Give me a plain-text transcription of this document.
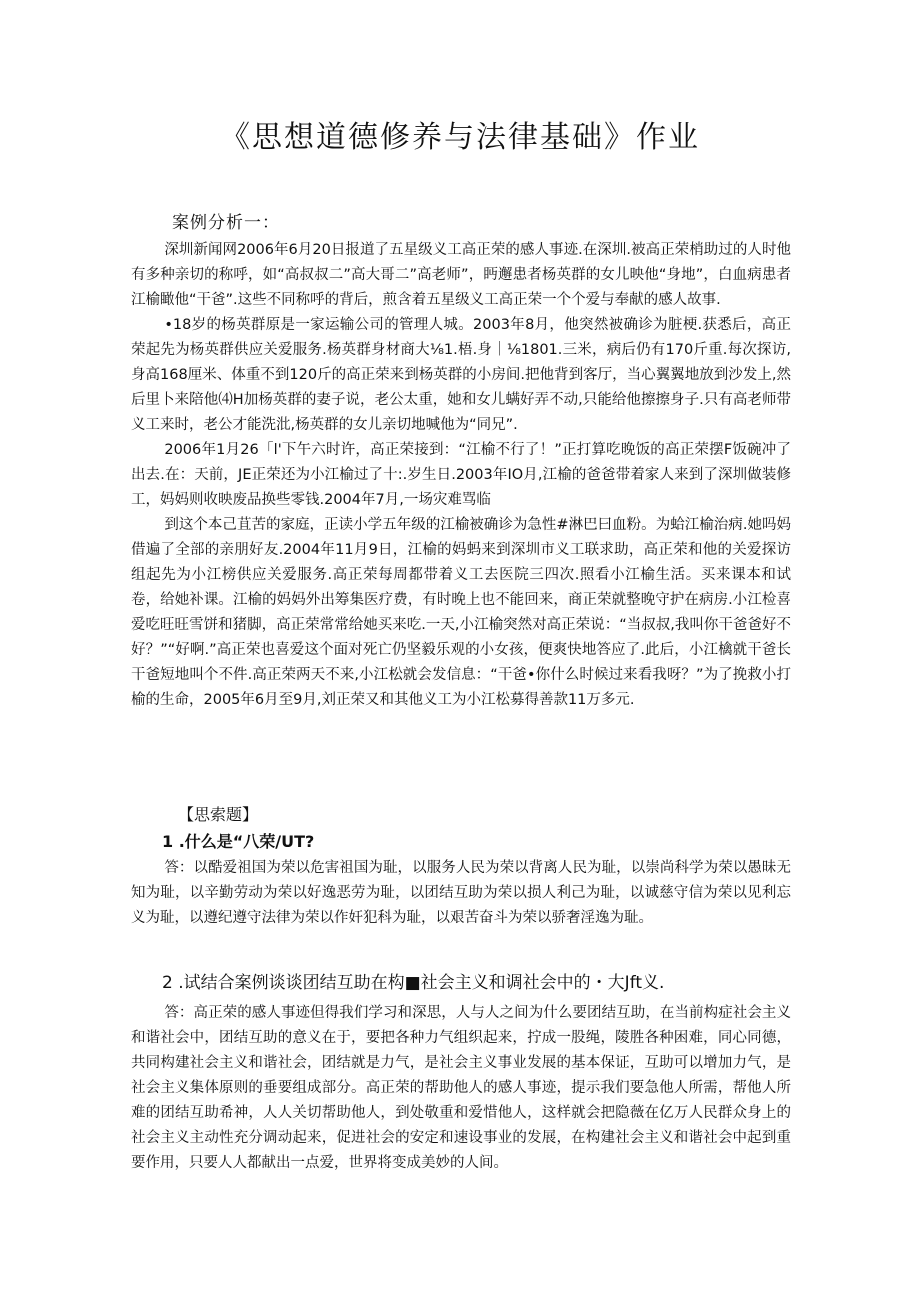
《思想道德修养与法律基础》作业
案例分析一：

深圳新闻网2006年6月20日报道了五星级义工高正荣的感人事迹.在深圳.被高正荣梢助过的人时他有多种亲切的称呼，如“高叔叔二”高大哥二”高老师”，眄邂患者杨英群的女儿映他“身地”，白血病患者江榆瞰他“干爸”.这些不同称呼的背后，煎含着五星级义工高正荣一个个爱与奉献的感人故事.

•18岁的杨英群原是一家运输公司的管理人城。2003年8月，他突然被确诊为脏梗.获悉后，高正荣起先为杨英群供应关爱服务.杨英群身材商大⅛1.梧.身｜⅛1801.三米，病后仍有170斤重.每次探访,身高168厘米、体重不到120斤的高正荣来到杨英群的小房间.把他背到客厅，当心翼翼地放到沙发上,然后里卜来陪他⑷H加杨英群的妻子说，老公太重，她和女儿螨好弄不动,只能给他擦擦身子.只有高老师带义工来时，老公才能洗沘,杨英群的女儿亲切地喊他为“同兄”.

2006年1月26「l'下午六时许，高正荣接到：“江榆不行了！”正打算吃晚饭的高正荣摆F饭碗冲了出去.在：天前，JE正荣还为小江榆过了十:.岁生日.2003年IO月,江榆的爸爸带着家人来到了深圳做装修工，妈妈则收映废品换些零钱.2004年7月,一场灾难骂临

到这个本己苴苦的家庭，正读小学五年级的江榆被确诊为急性#淋巴曰血粉。为蛤江榆治病.她吗妈借遍了全部的亲朋好友.2004年11月9日，江榆的妈蚂来到深圳市义工联求助，高正荣和他的关爱探访组起先为小江榜供应关爱服务.高正荣每周都带着义工去医院三四次.照看小江榆生活。买来课本和试卷，给她补课。江榆的妈妈外出筹集医疗费，有时晚上也不能回来，商正荣就整晚守护在病房.小江检喜爱吃旺旺雪饼和猪脚，高正荣常常给她买来吃.一天,小江榆突然对高正荣说：“当叔叔,我叫你干爸爸好不好？”“好啊.”高正荣也喜爱这个面对死亡仍坚毅乐观的小女孩，便爽快地答应了.此后，小江檎就干爸长干爸短地叫个不件.高正荣两天不来,小江松就会发信息：“干爸•你什么时候过来看我呀？”为了挽救小打榆的生命，2005年6月至9月,刘正荣又和其他义工为小江松募得善款11万多元.

【思索题】
1 .什么是“八荣/UT?

答：以酷爱祖国为荣以危害祖国为耻，以服务人民为荣以背离人民为耻，以崇尚科学为荣以愚昧无知为耻，以辛勤劳动为荣以好逸恶劳为耻，以团结互助为荣以损人利己为耻，以诚慈守信为荣以见利忘义为耻，以遵纪遵守法律为荣以作奸犯科为耻，以艰苦奋斗为荣以骄奢淫逸为耻。

2 .试结合案例谈谈团结互助在构■社会主义和调社会中的・大Jft义.

答：高正荣的感人事迹但得我们学习和深思，人与人之间为什么要团结互助，在当前构症社会主义和谐社会中，团结互助的意义在于，要把各种力气组织起来，拧成一股绳，陵胜各种困难，同心同德，共同构建社会主义和谐社会，团结就是力气，是社会主义事业发展的基本保证，互助可以增加力气，是社会主义集体原则的垂要组成部分。高正荣的帮助他人的感人事迹，提示我们要急他人所需，帮他人所难的团结互助希神，人人关切帮助他人，到处敬重和爱惜他人，这样就会把隐薇在亿万人民群众身上的社会主义主动性充分调动起来，促进社会的安定和速设事业的发展，在构建社会主义和谐社会中起到重要作用，只要人人都献出一点爱，世界将变成美妙的人间。
